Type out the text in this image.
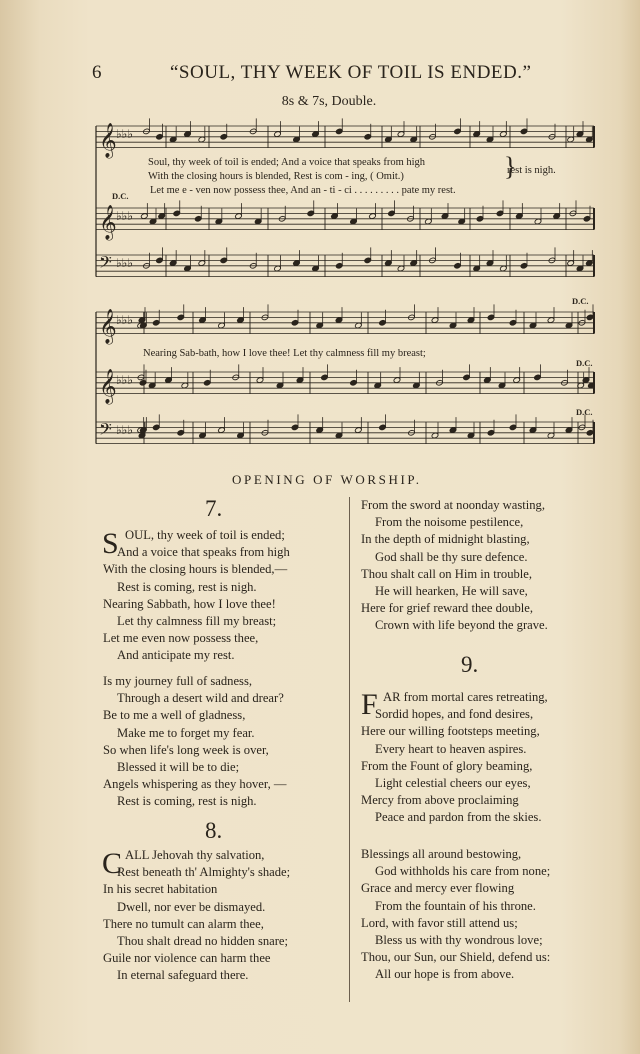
6	“SOUL, THY WEEK OF TOIL IS ENDED.”
8s & 7s, Double.
𝄞 ♭♭♭
𝄞 ♭♭♭
𝄢 ♭♭♭
𝄞 ♭♭♭
𝄞 ♭♭♭
𝄢 ♭♭♭
Soul, thy week of toil is ended; And a voice that speaks from high
With the closing hours is blended, Rest is com - ing, ( Omit.)
Let me e - ven now possess thee, And an - ti - ci . . . . . . . . . pate my rest.
rest is nigh.
}
D.C.
Nearing Sab-bath, how I love thee! Let thy calmness fill my breast;
D.C.
D.C.
D.C.
OPENING OF WORSHIP.
7.
S OUL, thy week of toil is ended;
And a voice that speaks from high
With the closing hours is blended,—
Rest is coming, rest is nigh.
Nearing Sabbath, how I love thee!
Let thy calmness fill my breast;
Let me even now possess thee,
And anticipate my rest.
Is my journey full of sadness,
Through a desert wild and drear?
Be to me a well of gladness,
Make me to forget my fear.
So when life's long week is over,
Blessed it will be to die;
Angels whispering as they hover, —
Rest is coming, rest is nigh.
8.
C ALL Jehovah thy salvation,
Rest beneath th' Almighty's shade;
In his secret habitation
Dwell, nor ever be dismayed.
There no tumult can alarm thee,
Thou shalt dread no hidden snare;
Guile nor violence can harm thee
In eternal safeguard there.
From the sword at noonday wasting,
From the noisome pestilence,
In the depth of midnight blasting,
God shall be thy sure defence.
Thou shalt call on Him in trouble,
He will hearken, He will save,
Here for grief reward thee double,
Crown with life beyond the grave.
9.
F AR from mortal cares retreating,
Sordid hopes, and fond desires,
Here our willing footsteps meeting,
Every heart to heaven aspires.
From the Fount of glory beaming,
Light celestial cheers our eyes,
Mercy from above proclaiming
Peace and pardon from the skies.
Blessings all around bestowing,
God withholds his care from none;
Grace and mercy ever flowing
From the fountain of his throne.
Lord, with favor still attend us;
Bless us with thy wondrous love;
Thou, our Sun, our Shield, defend us:
All our hope is from above.
